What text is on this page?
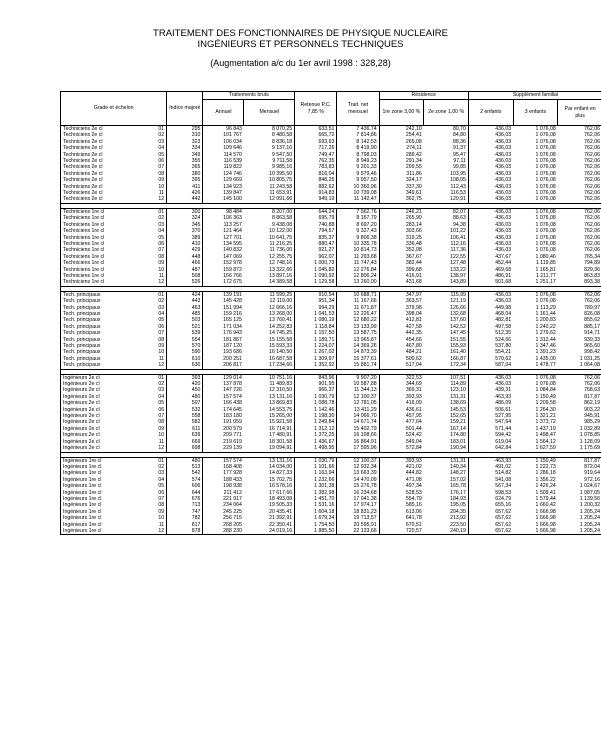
TRAITEMENT DES FONCTIONNAIRES DE PHYSIQUE NUCLEAIRE
INGÉNIEURS ET PERSONNELS TECHNIQUES
(Augmentation a/c du 1er avril 1998 : 328,28)
Grade et échelon	Indice majoré	Traitements bruts		Retenue P.C. 7,85 %	Trait. net mensuel	Résidence		Supplément familial		
		Annuel	Mensuel			1re zone 3,00 %	2e zone 1,00 %	2 enfants	3 enfants	Par enfant en plus
Techniciens 2e cl 01	295	96 843	8 070,25	633,51	7 436,74	242,10	80,70	436,03	1 076,08	762,06
Techniciens 2e cl 02	310	101 767	8 480,58	665,72	7 814,86	254,41	84,80	436,03	1 076,08	762,06
Techniciens 2e cl 03	323	106 034	8 836,18	693,63	8 142,53	265,08	88,36	436,03	1 076,08	762,06
Techniciens 2e cl 04	334	109 646	9 137,16	717,26	8 419,90	274,11	91,37	436,03	1 076,08	762,06
Techniciens 2e cl 05	349	114 570	9 547,50	749,47	8 798,03	286,42	95,47	436,03	1 076,08	762,06
Techniciens 2e cl 06	355	116 539	9 711,58	762,35	8 949,23	291,34	97,11	436,03	1 076,08	762,06
Techniciens 2e cl 07	365	119 822	9 985,16	783,83	9 201,33	299,55	99,85	436,03	1 076,08	762,06
Techniciens 2e cl 08	380	124 746	10 395,50	816,04	9 579,46	311,86	103,95	436,03	1 076,08	762,06
Techniciens 2e cl 09	395	129 669	10 805,75	848,25	9 957,50	324,17	108,05	436,03	1 076,08	762,06
Techniciens 2e cl 10	411	134 923	11 243,58	882,62	10 360,96	337,30	112,43	436,03	1 076,08	762,06
Techniciens 2e cl 11	426	139 847	11 653,91	914,83	10 739,08	349,61	116,53	436,03	1 076,08	762,06
Techniciens 2e cl 12	442	145 100	12 091,66	949,19	11 142,47	362,75	120,91	436,03	1 076,08	762,06

Techniciens 1re cl 01	300	98 484	8 207,00	644,24	7 562,76	246,21	82,07	436,03	1 076,08	762,06
Techniciens 1re cl 02	324	106 363	8 863,58	695,79	8 167,79	265,90	88,63	436,03	1 076,08	762,06
Techniciens 1re cl 03	345	113 257	9 438,08	740,88	8 697,20	283,14	94,38	436,03	1 076,08	762,06
Techniciens 1re cl 04	370	121 464	10 122,00	794,57	9 327,43	303,66	101,22	436,03	1 076,08	762,06
Techniciens 1re cl 05	389	127 701	10 641,75	835,37	9 806,38	319,25	106,41	436,03	1 076,08	762,06
Techniciens 1re cl 06	410	134 595	11 216,25	880,47	10 335,78	336,48	112,16	436,03	1 076,08	762,06
Techniciens 1re cl 07	429	140 832	11 736,00	921,27	10 814,73	352,08	117,36	436,03	1 076,08	762,06
Techniciens 1re cl 08	448	147 069	12 255,75	962,07	11 293,68	367,67	122,55	437,67	1 080,46	765,34
Techniciens 1re cl 09	466	152 978	12 748,16	1 000,73	11 747,43	382,44	127,48	452,44	1 119,85	794,89
Techniciens 1re cl 10	487	159 872	13 322,66	1 045,82	12 276,84	399,68	133,22	469,68	1 165,81	829,36
Techniciens 1re cl 11	508	166 766	13 897,16	1 090,92	12 806,24	416,91	138,97	486,91	1 211,77	863,83
Techniciens 1re cl 12	526	172 675	14 389,58	1 129,58	13 260,00	431,68	143,89	501,68	1 251,17	893,38

Tech. principaux 01	424	139 191	11 599,25	910,54	10 688,71	347,97	115,99	436,03	1 076,08	762,06
Tech. principaux 02	443	145 428	12 119,00	951,34	11 167,66	363,57	121,19	436,03	1 076,08	762,06
Tech. principaux 03	463	151 994	12 666,16	994,29	11 671,87	379,98	126,66	449,98	1 113,29	789,97
Tech. principaux 04	485	159 216	13 268,00	1 041,53	12 226,47	398,04	132,68	468,04	1 161,44	826,08
Tech. principaux 05	503	165 125	13 760,41	1 080,19	12 680,22	412,81	137,60	482,81	1 200,83	855,62
Tech. principaux 06	521	171 034	14 252,83	1 118,84	13 133,99	427,58	142,52	497,58	1 240,22	885,17
Tech. principaux 07	539	176 943	14 745,25	1 157,50	13 587,75	442,35	147,45	512,35	1 279,62	914,71
Tech. principaux 08	554	181 867	15 155,58	1 189,71	13 965,87	454,66	151,55	524,66	1 312,44	939,33
Tech. principaux 09	570	187 120	15 593,33	1 224,07	14 369,26	467,80	155,93	537,80	1 347,46	965,60
Tech. principaux 10	590	193 686	16 140,50	1 267,02	14 873,39	484,21	161,40	554,21	1 391,23	998,42
Tech. principaux 11	610	200 251	16 687,58	1 309,97	15 377,61	500,62	166,87	570,62	1 435,00	1 031,25
Tech. principaux 12	630	206 817	17 234,66	1 352,92	15 881,74	517,04	172,34	587,04	1 478,77	1 064,08

Ingénieurs 2e cl 01	393	129 014	10 751,16	843,96	9 907,20	322,53	107,51	436,03	1 076,08	762,06
Ingénieurs 2e cl 02	420	137 878	11 489,83	901,95	10 587,88	344,69	114,89	436,03	1 076,08	762,06
Ingénieurs 2e cl 03	450	147 726	12 310,50	966,37	11 344,13	369,31	123,10	439,31	1 084,84	768,63
Ingénieurs 2e cl 04	480	157 574	13 131,16	1 030,79	12 100,37	393,93	131,31	463,93	1 150,49	817,87
Ingénieurs 2e cl 05	507	166 438	13 869,83	1 088,78	12 781,05	416,09	138,69	486,09	1 209,58	862,19
Ingénieurs 2e cl 06	532	174 645	14 553,75	1 142,46	13 411,29	436,61	145,53	506,61	1 264,30	903,22
Ingénieurs 2e cl 07	558	183 180	15 265,00	1 198,30	14 066,70	457,95	152,65	527,95	1 321,21	945,91
Ingénieurs 2e cl 08	582	191 059	15 921,58	1 249,84	14 671,74	477,64	159,21	547,64	1 373,72	985,29
Ingénieurs 2e cl 09	611	200 579	16 714,91	1 312,12	15 402,79	501,44	167,14	571,44	1 437,19	1 032,89
Ingénieurs 2e cl 10	639	209 771	17 480,91	1 372,25	16 108,66	524,42	174,80	594,42	1 498,47	1 078,85
Ingénieurs 2e cl 11	669	219 619	18 301,58	1 436,67	16 864,91	549,04	183,01	619,04	1 564,12	1 128,09
Ingénieurs 2e cl 12	698	229 139	19 094,91	1 498,95	17 595,96	572,84	190,94	642,84	1 627,59	1 175,69

Ingénieurs 1re cl 01	480	157 574	13 131,16	1 030,79	12 100,37	393,93	131,31	463,93	1 150,49	817,87
Ingénieurs 1re cl 02	513	168 408	14 034,00	1 101,66	12 932,34	421,02	140,34	491,02	1 222,73	872,04
Ingénieurs 1re cl 03	542	177 928	14 827,33	1 163,94	13 663,39	444,82	148,27	514,82	1 286,18	919,64
Ingénieurs 1re cl 04	574	188 433	15 702,75	1 232,66	14 470,09	471,08	157,02	541,08	1 356,22	972,16
Ingénieurs 1re cl 05	606	198 938	16 578,16	1 301,38	15 276,78	497,34	165,78	567,34	1 426,24	1 024,67
Ingénieurs 1re cl 06	644	211 412	17 617,66	1 382,98	16 234,68	528,53	176,17	598,53	1 509,41	1 087,05
Ingénieurs 1re cl 07	676	221 917	18 493,08	1 451,70	17 041,38	554,79	184,93	624,79	1 579,44	1 139,56
Ingénieurs 1re cl 08	713	234 064	19 505,33	1 531,16	17 974,17	585,16	195,05	655,16	1 660,42	1 200,32
Ingénieurs 1re cl 09	747	245 225	20 435,41	1 604,18	18 831,23	613,06	204,35	657,62	1 666,98	1 205,24
Ingénieurs 1re cl 10	782	256 715	21 392,91	1 679,34	19 713,57	641,78	213,92	657,62	1 666,98	1 205,24
Ingénieurs 1re cl 11	817	268 205	22 350,41	1 754,50	20 595,91	670,51	223,50	657,62	1 666,98	1 205,24
Ingénieurs 1re cl 12	878	288 230	24 019,16	1 885,50	22 133,66	720,57	240,19	657,62	1 666,98	1 205,24
